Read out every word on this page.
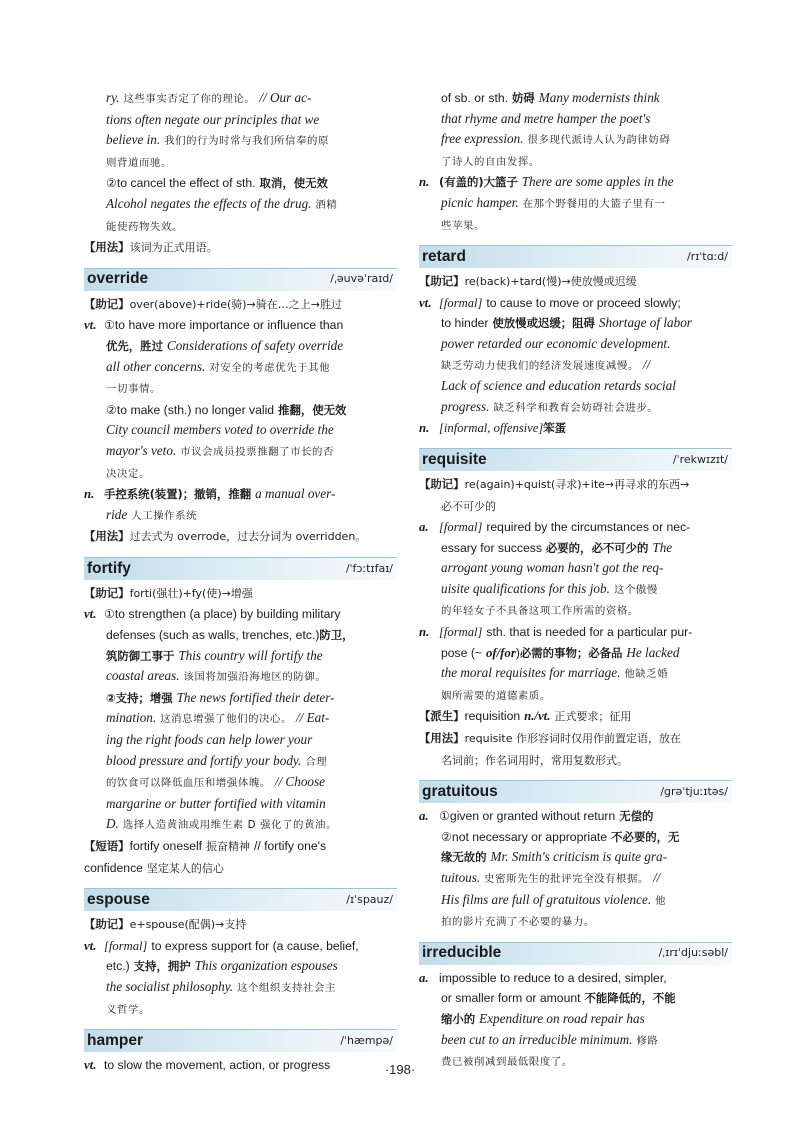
ry. 这些事实否定了你的理论。 // Our ac-

tions often negate our principles that we

believe in. 我们的行为时常与我们所信奉的原

则背道而驰。

②to cancel the effect of sth. 取消，使无效

Alcohol negates the effects of the drug. 酒精

能使药物失效。

【用法】该词为正式用语。

override	/ˌəuvəˈraɪd/

【助记】over(above)+ride(骑)→骑在…之上→胜过

vt. ①to have more importance or influence than

优先，胜过 Considerations of safety override

all other concerns. 对安全的考虑优先于其他

一切事情。

②to make (sth.) no longer valid 推翻，使无效

City council members voted to override the

mayor's veto. 市议会成员投票推翻了市长的否

决决定。

n. 手控系统(装置)；撤销，推翻 a manual over-

ride 人工操作系统

【用法】过去式为 overrode，过去分词为 overridden。

fortify	/ˈfɔːtɪfaɪ/

【助记】forti(强壮)+fy(使)→增强

vt. ①to strengthen (a place) by building military

defenses (such as walls, trenches, etc.)防卫，

筑防御工事于 This country will fortify the

coastal areas. 该国将加强沿海地区的防御。

②支持；增强 The news fortified their deter-

mination. 这消息增强了他们的决心。 // Eat-

ing the right foods can help lower your

blood pressure and fortify your body. 合理

的饮食可以降低血压和增强体魄。 // Choose

margarine or butter fortified with vitamin

D. 选择人造黄油或用维生素 D 强化了的黄油。

【短语】fortify oneself 振奋精神 // fortify one's

confidence 坚定某人的信心

espouse	/ɪˈspauz/

【助记】e+spouse(配偶)→支持

vt. [formal] to express support for (a cause, belief,

etc.) 支持，拥护 This organization espouses

the socialist philosophy. 这个组织支持社会主

义哲学。

hamper	/ˈhæmpə/

vt. to slow the movement, action, or progress

of sb. or sth. 妨碍 Many modernists think

that rhyme and metre hamper the poet's

free expression. 很多现代派诗人认为韵律妨碍

了诗人的自由发挥。

n. (有盖的)大篮子 There are some apples in the

picnic hamper. 在那个野餐用的大篮子里有一

些苹果。

retard	/rɪˈtɑːd/

【助记】re(back)+tard(慢)→使放慢或迟缓

vt. [formal] to cause to move or proceed slowly;

to hinder 使放慢或迟缓；阻碍 Shortage of labor

power retarded our economic development.

缺乏劳动力使我们的经济发展速度减慢。 //

Lack of science and education retards social

progress. 缺乏科学和教育会妨碍社会进步。

n. [informal, offensive]笨蛋

requisite	/ˈrekwɪzɪt/

【助记】re(again)+quist(寻求)+ite→再寻求的东西→

必不可少的

a. [formal] required by the circumstances or nec-

essary for success 必要的，必不可少的 The

arrogant young woman hasn't got the req-

uisite qualifications for this job. 这个傲慢

的年轻女子不具备这项工作所需的资格。

n. [formal] sth. that is needed for a particular pur-

pose (~ of/for)必需的事物；必备品 He lacked

the moral requisites for marriage. 他缺乏婚

姻所需要的道德素质。

【派生】requisition n./vt. 正式要求；征用

【用法】requisite 作形容词时仅用作前置定语，放在

名词前；作名词用时，常用复数形式。

gratuitous	/grəˈtjuːɪtəs/

a. ①given or granted without return 无偿的

②not necessary or appropriate 不必要的，无

缘无故的 Mr. Smith's criticism is quite gra-

tuitous. 史密斯先生的批评完全没有根据。 //

His films are full of gratuitous violence. 他

拍的影片充满了不必要的暴力。

irreducible	/ˌɪrɪˈdjuːsəbl/

a. impossible to reduce to a desired, simpler,

or smaller form or amount 不能降低的，不能

缩小的 Expenditure on road repair has

been cut to an irreducible minimum. 修路

费已被削减到最低限度了。

·198·
